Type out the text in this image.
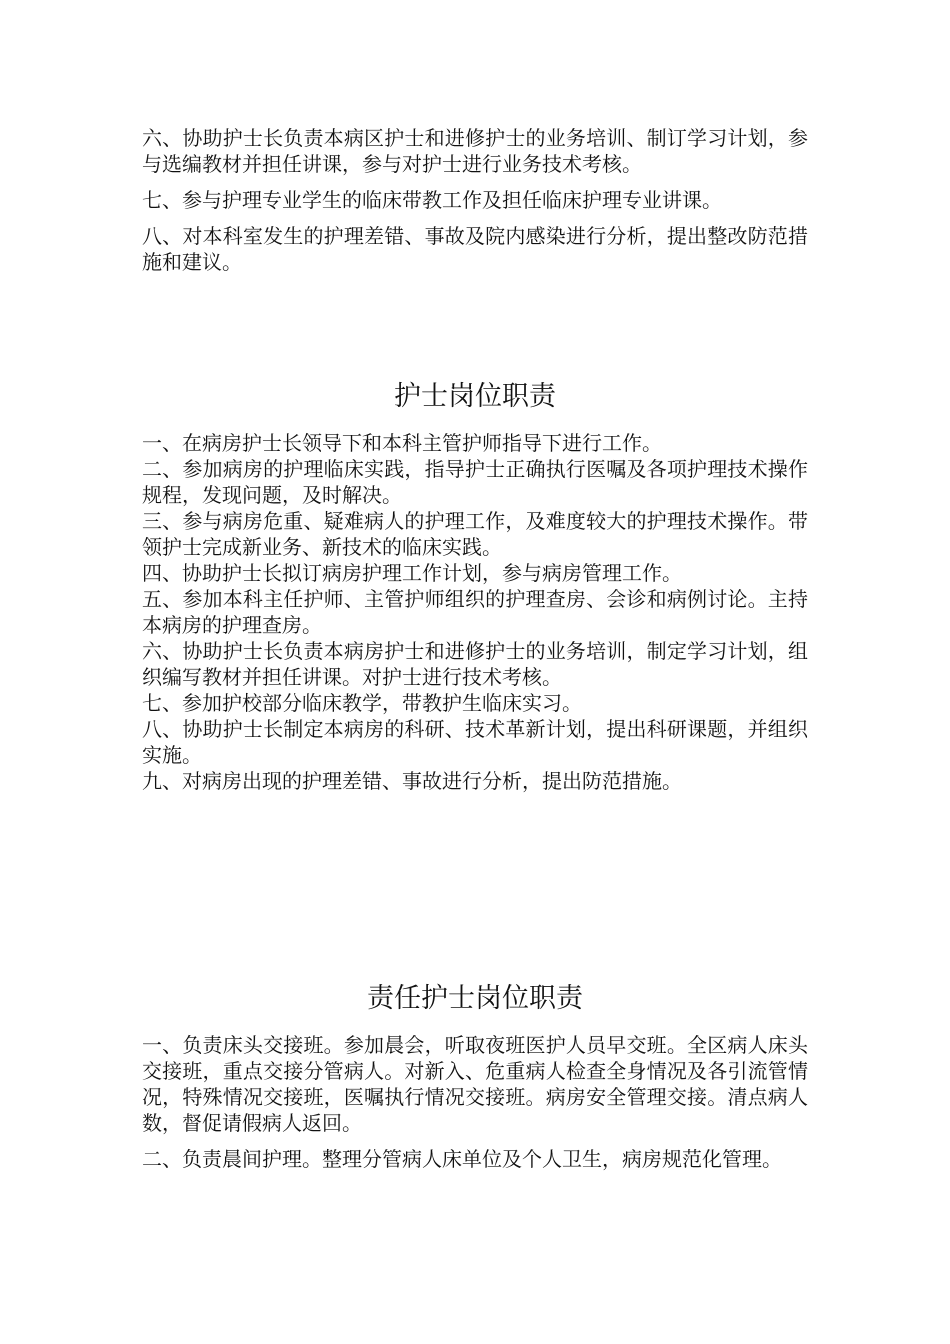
六、协助护士长负责本病区护士和进修护士的业务培训、制订学习计划，参与选编教材并担任讲课，参与对护士进行业务技术考核。

七、参与护理专业学生的临床带教工作及担任临床护理专业讲课。

八、对本科室发生的护理差错、事故及院内感染进行分析，提出整改防范措施和建议。

护士岗位职责

一、在病房护士长领导下和本科主管护师指导下进行工作。

二、参加病房的护理临床实践，指导护士正确执行医嘱及各项护理技术操作规程，发现问题，及时解决。

三、参与病房危重、疑难病人的护理工作，及难度较大的护理技术操作。带领护士完成新业务、新技术的临床实践。

四、协助护士长拟订病房护理工作计划，参与病房管理工作。

五、参加本科主任护师、主管护师组织的护理查房、会诊和病例讨论。主持本病房的护理查房。

六、协助护士长负责本病房护士和进修护士的业务培训，制定学习计划，组织编写教材并担任讲课。对护士进行技术考核。

七、参加护校部分临床教学，带教护生临床实习。

八、协助护士长制定本病房的科研、技术革新计划，提出科研课题，并组织实施。

九、对病房出现的护理差错、事故进行分析，提出防范措施。

责任护士岗位职责

一、负责床头交接班。参加晨会，听取夜班医护人员早交班。全区病人床头交接班，重点交接分管病人。对新入、危重病人检查全身情况及各引流管情况，特殊情况交接班，医嘱执行情况交接班。病房安全管理交接。清点病人数，督促请假病人返回。

二、负责晨间护理。整理分管病人床单位及个人卫生，病房规范化管理。
